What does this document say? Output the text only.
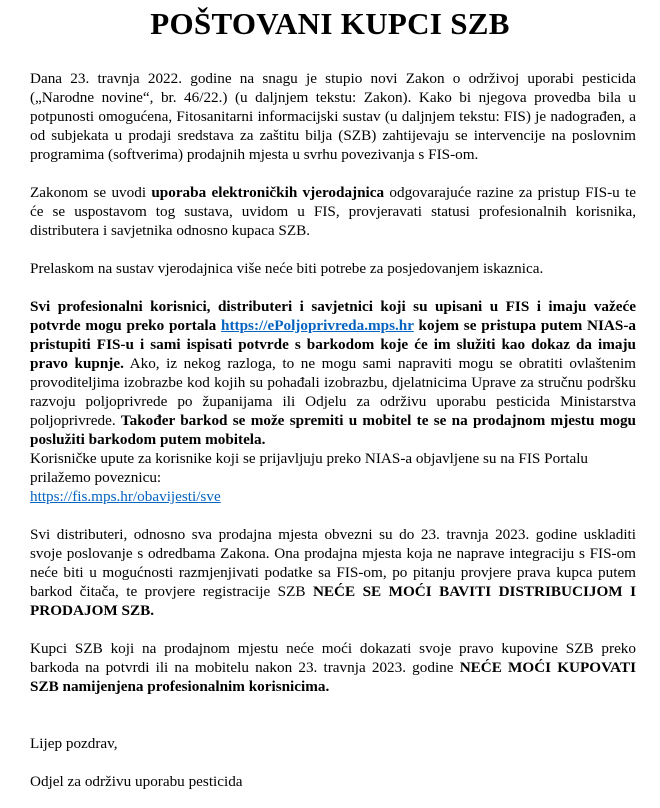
POŠTOVANI KUPCI SZB

Dana 23. travnja 2022. godine na snagu je stupio novi Zakon o održivoj uporabi pesticida („Narodne novine“, br. 46/22.) (u daljnjem tekstu: Zakon). Kako bi njegova provedba bila u potpunosti omogućena, Fitosanitarni informacijski sustav (u daljnjem tekstu: FIS) je nadograđen, a od subjekata u prodaji sredstava za zaštitu bilja (SZB) zahtijevaju se intervencije na poslovnim programima (softverima) prodajnih mjesta u svrhu povezivanja s FIS-om.

Zakonom se uvodi uporaba elektroničkih vjerodajnica odgovarajuće razine za pristup FIS-u te će se uspostavom tog sustava, uvidom u FIS, provjeravati statusi profesionalnih korisnika, distributera i savjetnika odnosno kupaca SZB.

Prelaskom na sustav vjerodajnica više neće biti potrebe za posjedovanjem iskaznica.

Svi profesionalni korisnici, distributeri i savjetnici koji su upisani u FIS i imaju važeće potvrde mogu preko portala https://ePoljoprivreda.mps.hr kojem se pristupa putem NIAS-a pristupiti FIS-u i sami ispisati potvrde s barkodom koje će im služiti kao dokaz da imaju pravo kupnje. Ako, iz nekog razloga, to ne mogu sami napraviti mogu se obratiti ovlaštenim provoditeljima izobrazbe kod kojih su pohađali izobrazbu, djelatnicima Uprave za stručnu podršku razvoju poljoprivrede po županijama ili Odjelu za održivu uporabu pesticida Ministarstva poljoprivrede. Također barkod se može spremiti u mobitel te se na prodajnom mjestu mogu poslužiti barkodom putem mobitela.

Korisničke upute za korisnike koji se prijavljuju preko NIAS-a objavljene su na FIS Portalu prilažemo poveznicu:
https://fis.mps.hr/obavijesti/sve

Svi distributeri, odnosno sva prodajna mjesta obvezni su do 23. travnja 2023. godine uskladiti svoje poslovanje s odredbama Zakona. Ona prodajna mjesta koja ne naprave integraciju s FIS-om neće biti u mogućnosti razmjenjivati podatke sa FIS-om, po pitanju provjere prava kupca putem barkod čitača, te provjere registracije SZB NEĆE SE MOĆI BAVITI DISTRIBUCIJOM I PRODAJOM SZB.

Kupci SZB koji na prodajnom mjestu neće moći dokazati svoje pravo kupovine SZB preko barkoda na potvrdi ili na mobitelu nakon 23. travnja 2023. godine NEĆE MOĆI KUPOVATI SZB namijenjena profesionalnim korisnicima.

Lijep pozdrav,

Odjel za održivu uporabu pesticida
